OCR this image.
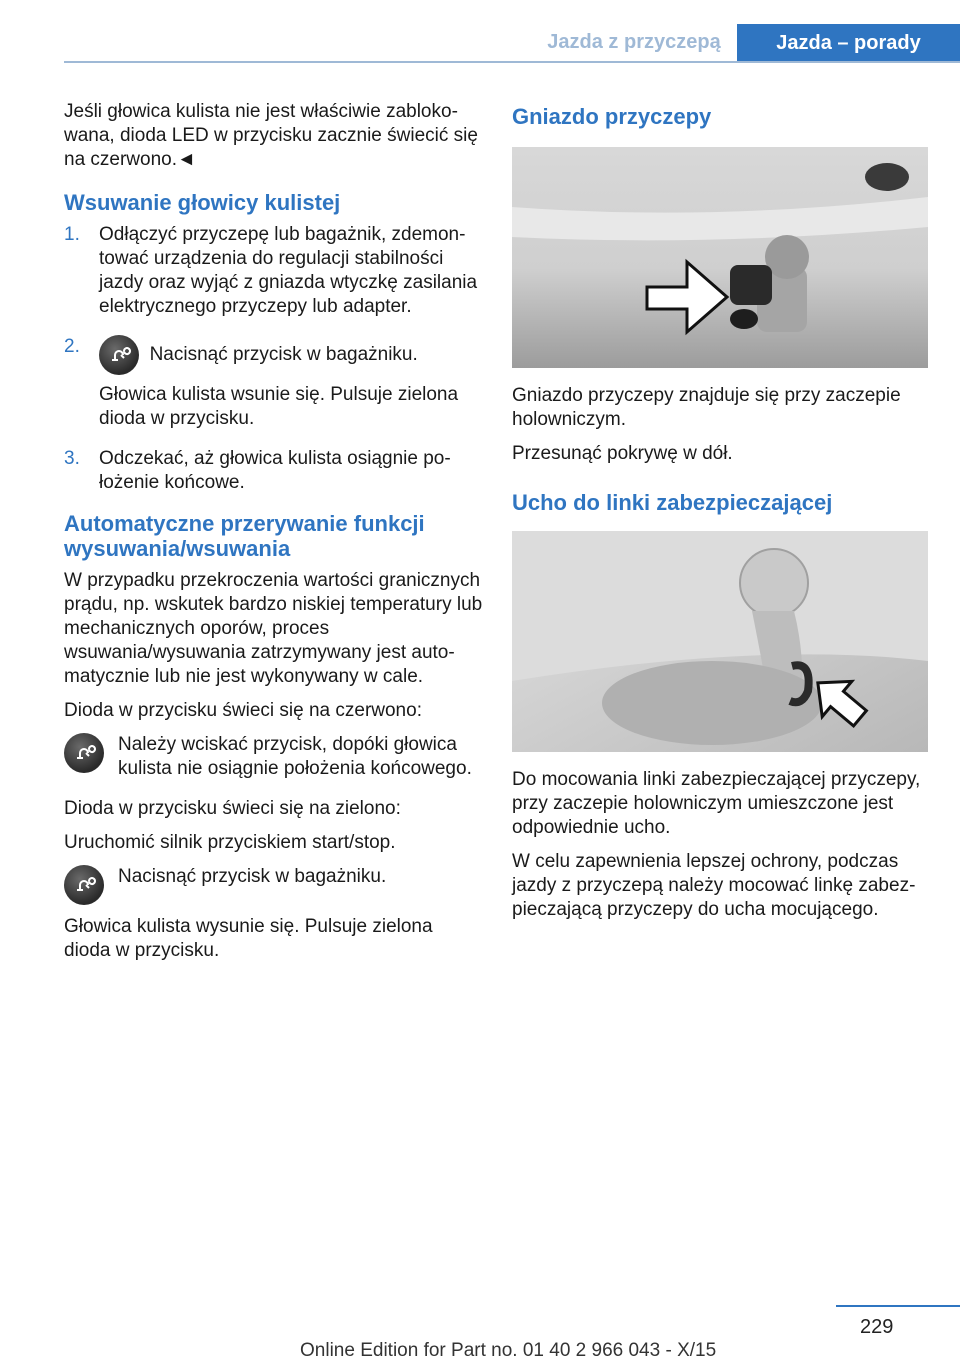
Jazda z przyczepą	Jazda – porady

Jeśli głowica kulista nie jest właściwie zablokowana, dioda LED w przycisku zacznie świecić się na czerwono.◄

Wsuwanie głowicy kulistej
1. Odłączyć przyczepę lub bagażnik, zdemontować urządzenia do regulacji stabilności jazdy oraz wyjąć z gniazda wtyczkę zasilania elektrycznego przyczepy lub adapter.

2.	Nacisnąć przycisk w bagażniku.

Głowica kulista wsunie się. Pulsuje zielona dioda w przycisku.

3. Odczekać, aż głowica kulista osiągnie położenie końcowe.

Automatyczne przerywanie funkcji wysuwania/wsuwania

W przypadku przekroczenia wartości granicznych prądu, np. wskutek bardzo niskiej temperatury lub mechanicznych oporów, proces wsuwania/wysuwania zatrzymywany jest automatycznie lub nie jest wykonywany w cale.

Dioda w przycisku świeci się na czerwono:

Należy wciskać przycisk, dopóki głowica kulista nie osiągnie położenia końcowego.

Dioda w przycisku świeci się na zielono:

Uruchomić silnik przyciskiem start/stop.

Nacisnąć przycisk w bagażniku.
Głowica kulista wysunie się. Pulsuje zielona dioda w przycisku.
Gniazdo przyczepy

Gniazdo przyczepy znajduje się przy zaczepie holowniczym.

Przesunąć pokrywę w dół.

Ucho do linki zabezpieczającej

Do mocowania linki zabezpieczającej przyczepy, przy zaczepie holowniczym umieszczone jest odpowiednie ucho.

W celu zapewnienia lepszej ochrony, podczas jazdy z przyczepą należy mocować linkę zabezpieczającą przyczepy do ucha mocującego.

229
Online Edition for Part no. 01 40 2 966 043 - X/15
